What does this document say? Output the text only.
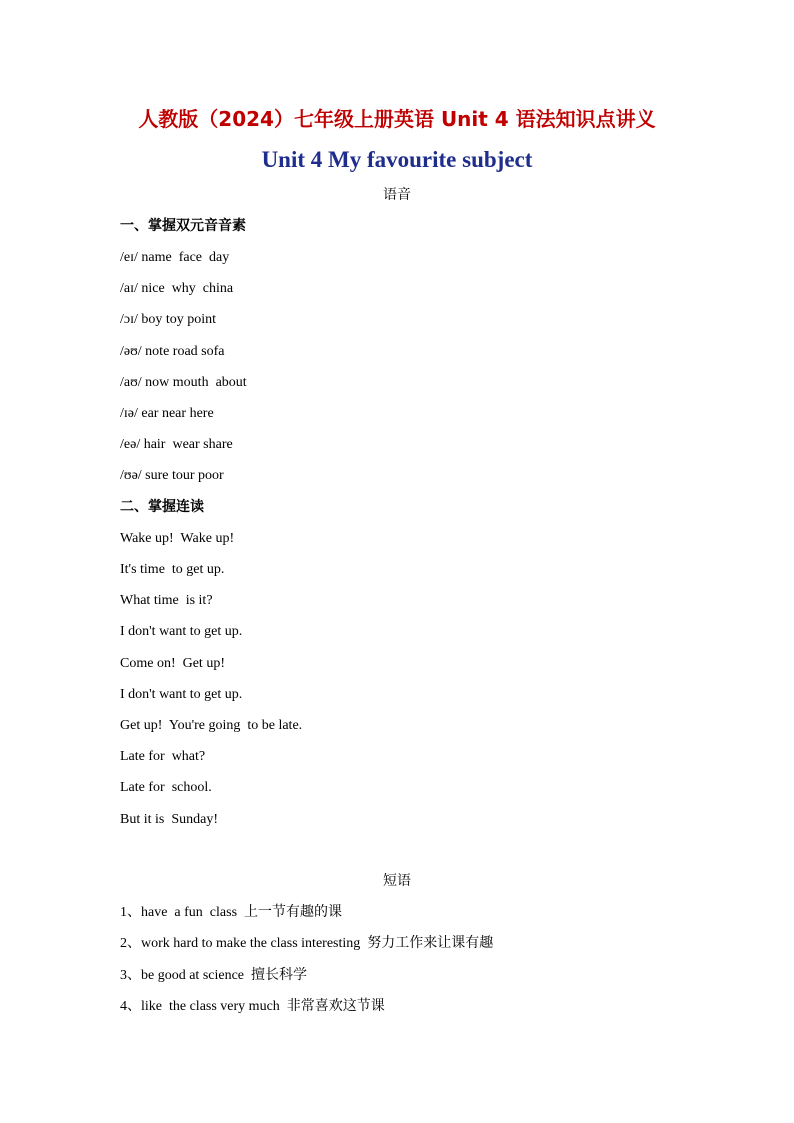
人教版（2024）七年级上册英语 Unit 4 语法知识点讲义
Unit 4 My favourite subject
语音
一、掌握双元音音素
/eɪ/ name  face  day
/aɪ/ nice  why  china
/ɔɪ/ boy toy point
/əʊ/ note road sofa
/aʊ/ now mouth  about
/ɪə/ ear near here
/eə/ hair  wear share
/ʊə/ sure tour poor
二、掌握连读
Wake up!  Wake up!
It's time  to get up.
What time  is it?
I don't want to get up.
Come on!  Get up!
I don't want to get up.
Get up!  You're going  to be late.
Late for  what?
Late for  school.
But it is  Sunday!
短语
1、have  a fun  class  上一节有趣的课
2、work hard to make the class interesting  努力工作来让课有趣
3、be good at science  擅长科学
4、like  the class very much  非常喜欢这节课
